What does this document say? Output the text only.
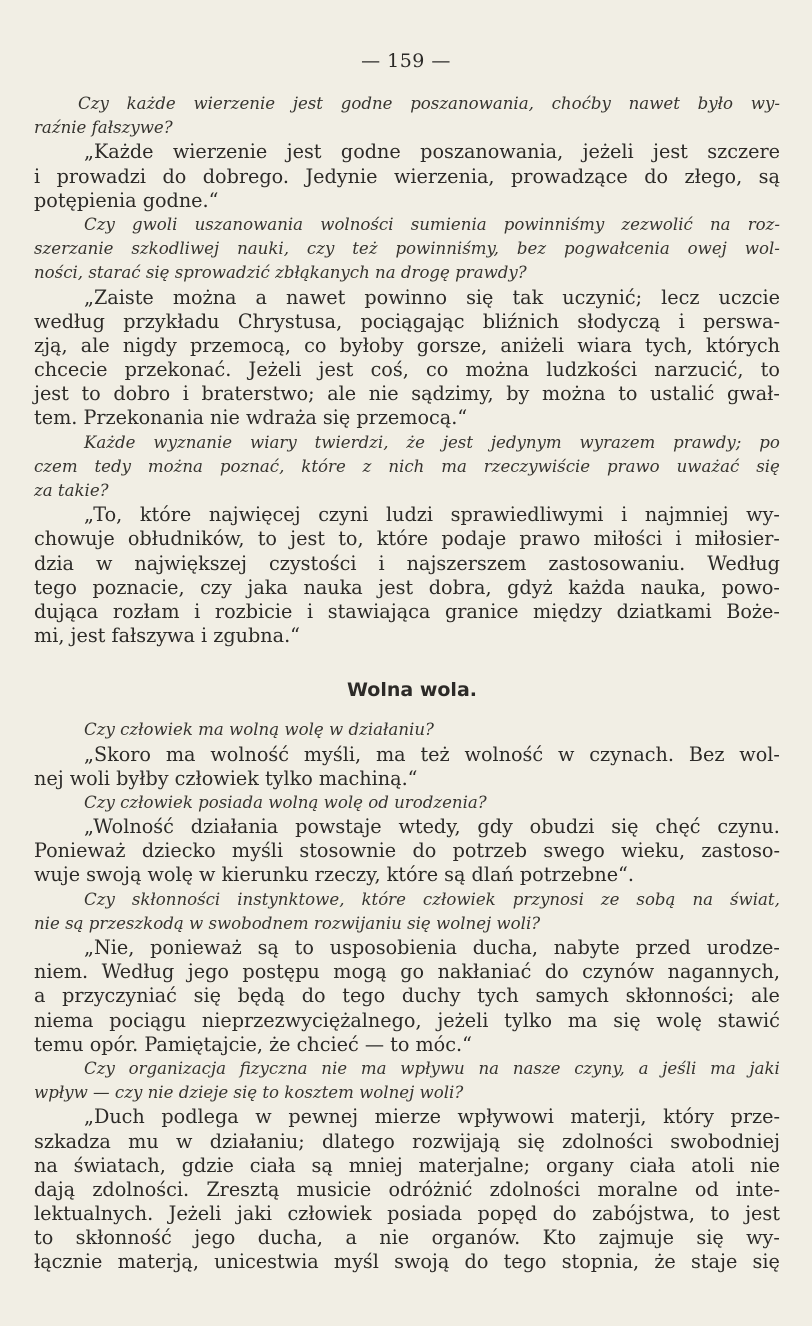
— 159 —
Czy każde wierzenie jest godne poszanowania, choćby nawet było wy-
raźnie fałszywe?
„Każde wierzenie jest godne poszanowania, jeżeli jest szczere
i prowadzi do dobrego. Jedynie wierzenia, prowadzące do złego, są
potępienia godne.“
Czy gwoli uszanowania wolności sumienia powinniśmy zezwolić na roz-
szerzanie szkodliwej nauki, czy też powinniśmy, bez pogwałcenia owej wol-
ności, starać się sprowadzić zbłąkanych na drogę prawdy?
„Zaiste można a nawet powinno się tak uczynić; lecz uczcie
według przykładu Chrystusa, pociągając bliźnich słodyczą i perswa-
zją, ale nigdy przemocą, co byłoby gorsze, aniżeli wiara tych, których
chcecie przekonać. Jeżeli jest coś, co można ludzkości narzucić, to
jest to dobro i braterstwo; ale nie sądzimy, by można to ustalić gwał-
tem. Przekonania nie wdraża się przemocą.“
Każde wyznanie wiary twierdzi, że jest jedynym wyrazem prawdy; po
czem tedy można poznać, które z nich ma rzeczywiście prawo uważać się
za takie?
„To, które najwięcej czyni ludzi sprawiedliwymi i najmniej wy-
chowuje obłudników, to jest to, które podaje prawo miłości i miłosier-
dzia w największej czystości i najszerszem zastosowaniu. Według
tego poznacie, czy jaka nauka jest dobra, gdyż każda nauka, powo-
dująca rozłam i rozbicie i stawiająca granice między dziatkami Boże-
mi, jest fałszywa i zgubna.“
Wolna wola.
Czy człowiek ma wolną wolę w działaniu?
„Skoro ma wolność myśli, ma też wolność w czynach. Bez wol-
nej woli byłby człowiek tylko machiną.“
Czy człowiek posiada wolną wolę od urodzenia?
„Wolność działania powstaje wtedy, gdy obudzi się chęć czynu.
Ponieważ dziecko myśli stosownie do potrzeb swego wieku, zastoso-
wuje swoją wolę w kierunku rzeczy, które są dlań potrzebne“.
Czy skłonności instynktowe, które człowiek przynosi ze sobą na świat,
nie są przeszkodą w swobodnem rozwijaniu się wolnej woli?
„Nie, ponieważ są to usposobienia ducha, nabyte przed urodze-
niem. Według jego postępu mogą go nakłaniać do czynów nagannych,
a przyczyniać się będą do tego duchy tych samych skłonności; ale
niema pociągu nieprzezwyciężalnego, jeżeli tylko ma się wolę stawić
temu opór. Pamiętajcie, że chcieć — to móc.“
Czy organizacja fizyczna nie ma wpływu na nasze czyny, a jeśli ma jaki
wpływ — czy nie dzieje się to kosztem wolnej woli?
„Duch podlega w pewnej mierze wpływowi materji, który prze-
szkadza mu w działaniu; dlatego rozwijają się zdolności swobodniej
na światach, gdzie ciała są mniej materjalne; organy ciała atoli nie
dają zdolności. Zresztą musicie odróżnić zdolności moralne od inte-
lektualnych. Jeżeli jaki człowiek posiada popęd do zabójstwa, to jest
to skłonność jego ducha, a nie organów. Kto zajmuje się wy-
łącznie materją, unicestwia myśl swoją do tego stopnia, że staje się
